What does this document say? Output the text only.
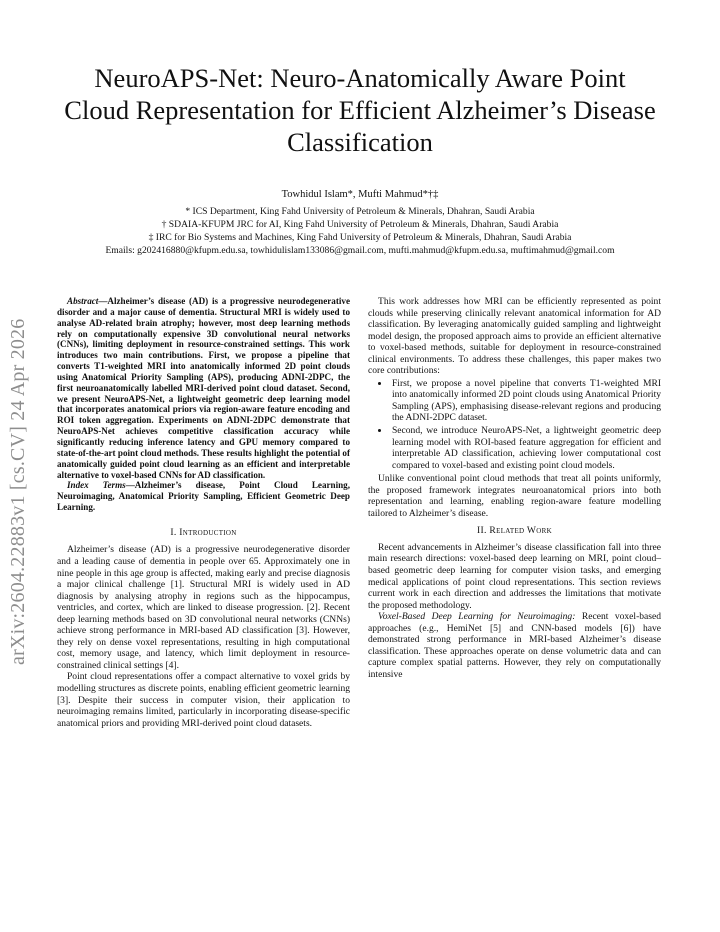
NeuroAPS-Net: Neuro-Anatomically Aware Point Cloud Representation for Efficient Alzheimer’s Disease Classification
Towhidul Islam*, Mufti Mahmud*†‡
* ICS Department, King Fahd University of Petroleum & Minerals, Dhahran, Saudi Arabia
† SDAIA-KFUPM JRC for AI, King Fahd University of Petroleum & Minerals, Dhahran, Saudi Arabia
‡ IRC for Bio Systems and Machines, King Fahd University of Petroleum & Minerals, Dhahran, Saudi Arabia
Emails: g202416880@kfupm.edu.sa, towhidulislam133086@gmail.com, mufti.mahmud@kfupm.edu.sa, muftimahmud@gmail.com
arXiv:2604.22883v1 [cs.CV] 24 Apr 2026

Abstract—Alzheimer’s disease (AD) is a progressive neurodegenerative disorder and a major cause of dementia. Structural MRI is widely used to analyse AD-related brain atrophy; however, most deep learning methods rely on computationally expensive 3D convolutional neural networks (CNNs), limiting deployment in resource-constrained settings. This work introduces two main contributions. First, we propose a pipeline that converts T1-weighted MRI into anatomically informed 2D point clouds using Anatomical Priority Sampling (APS), producing ADNI-2DPC, the first neuroanatomically labelled MRI-derived point cloud dataset. Second, we present NeuroAPS-Net, a lightweight geometric deep learning model that incorporates anatomical priors via region-aware feature encoding and ROI token aggregation. Experiments on ADNI-2DPC demonstrate that NeuroAPS-Net achieves competitive classification accuracy while significantly reducing inference latency and GPU memory compared to state-of-the-art point cloud methods. These results highlight the potential of anatomically guided point cloud learning as an efficient and interpretable alternative to voxel-based CNNs for AD classification.

Index Terms—Alzheimer’s disease, Point Cloud Learning, Neuroimaging, Anatomical Priority Sampling, Efficient Geometric Deep Learning.

I. Introduction

Alzheimer’s disease (AD) is a progressive neurodegenerative disorder and a leading cause of dementia in people over 65. Approximately one in nine people in this age group is affected, making early and precise diagnosis a major clinical challenge [1]. Structural MRI is widely used in AD diagnosis by analysing atrophy in regions such as the hippocampus, ventricles, and cortex, which are linked to disease progression. [2]. Recent deep learning methods based on 3D convolutional neural networks (CNNs) achieve strong performance in MRI-based AD classification [3]. However, they rely on dense voxel representations, resulting in high computational cost, memory usage, and latency, which limit deployment in resource-constrained clinical settings [4].

Point cloud representations offer a compact alternative to voxel grids by modelling structures as discrete points, enabling efficient geometric learning [3]. Despite their success in computer vision, their application to neuroimaging remains limited, particularly in incorporating disease-specific anatomical priors and providing MRI-derived point cloud datasets.

This work addresses how MRI can be efficiently represented as point clouds while preserving clinically relevant anatomical information for AD classification. By leveraging anatomically guided sampling and lightweight model design, the proposed approach aims to provide an efficient alternative to voxel-based methods, suitable for deployment in resource-constrained clinical environments. To address these challenges, this paper makes two core contributions:

• First, we propose a novel pipeline that converts T1-weighted MRI into anatomically informed 2D point clouds using Anatomical Priority Sampling (APS), emphasising disease-relevant regions and producing the ADNI-2DPC dataset.
• Second, we introduce NeuroAPS-Net, a lightweight geometric deep learning model with ROI-based feature aggregation for efficient and interpretable AD classification, achieving lower computational cost compared to voxel-based and existing point cloud models.

Unlike conventional point cloud methods that treat all points uniformly, the proposed framework integrates neuroanatomical priors into both representation and learning, enabling region-aware feature modelling tailored to Alzheimer’s disease.

II. Related Work

Recent advancements in Alzheimer’s disease classification fall into three main research directions: voxel-based deep learning on MRI, point cloud–based geometric deep learning for computer vision tasks, and emerging medical applications of point cloud representations. This section reviews current work in each direction and addresses the limitations that motivate the proposed methodology.

Voxel-Based Deep Learning for Neuroimaging: Recent voxel-based approaches (e.g., HemiNet [5] and CNN-based models [6]) have demonstrated strong performance in MRI-based Alzheimer’s disease classification. These approaches operate on dense volumetric data and can capture complex spatial patterns. However, they rely on computationally intensive
